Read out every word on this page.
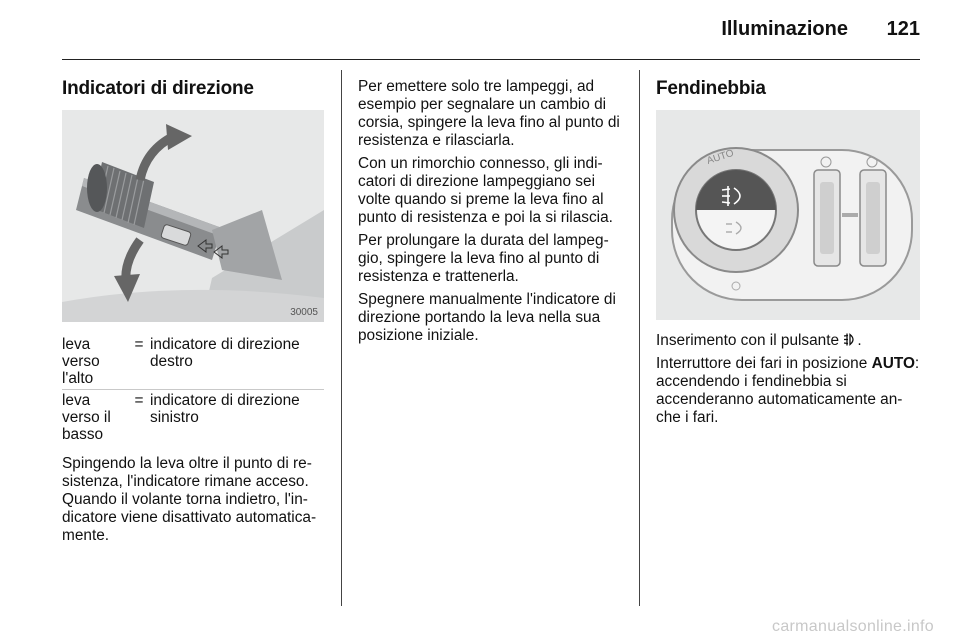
Illuminazione	121
Indicatori di direzione
30005
leva verso l'alto	=	indicatore di direzione destro
leva verso il basso	=	indicatore di direzione sinistro

Spingendo la leva oltre il punto di resistenza, l'indicatore rimane acceso. Quando il volante torna indietro, l'indicatore viene disattivato automaticamente.

Per emettere solo tre lampeggi, ad esempio per segnalare un cambio di corsia, spingere la leva fino al punto di resistenza e rilasciarla.

Con un rimorchio connesso, gli indicatori di direzione lampeggiano sei volte quando si preme la leva fino al punto di resistenza e poi la si rilascia.

Per prolungare la durata del lampeggio, spingere la leva fino al punto di resistenza e trattenerla.

Spegnere manualmente l'indicatore di direzione portando la leva nella sua posizione iniziale.

Fendinebbia
AUTO

Inserimento con il pulsante .

Interruttore dei fari in posizione AUTO: accendendo i fendinebbia si accenderanno automaticamente anche i fari.

carmanualsonline.info
